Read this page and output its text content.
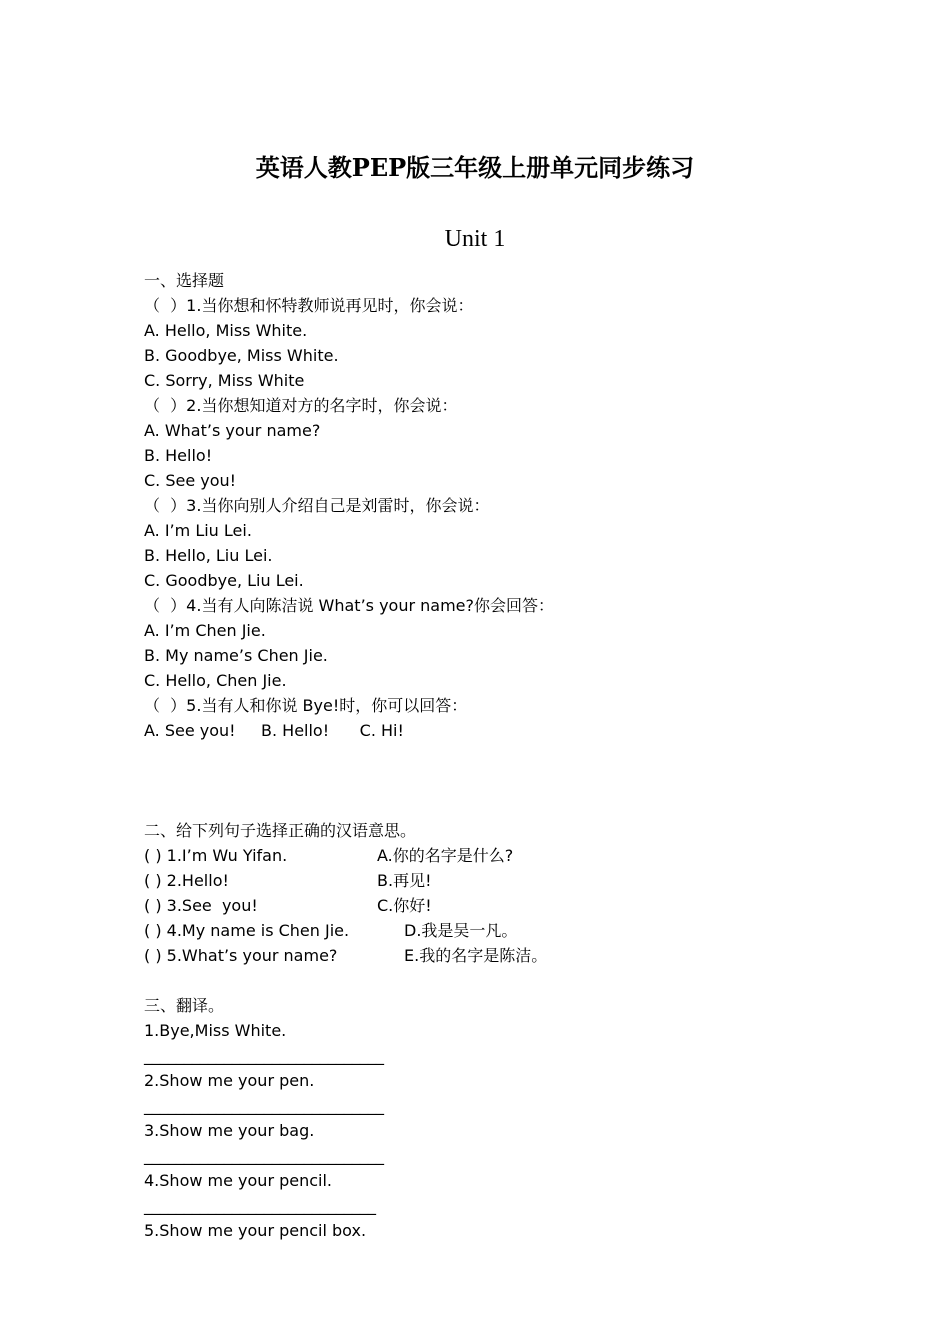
英语人教PEP版三年级上册单元同步练习
Unit 1
一、选择题
（  ）1.当你想和怀特教师说再见时，你会说：
A. Hello, Miss White.
B. Goodbye, Miss White.
C. Sorry, Miss White
（  ）2.当你想知道对方的名字时，你会说：
A. What’s your name?
B. Hello!
C. See you!
（  ）3.当你向别人介绍自己是刘雷时，你会说：
A. I’m Liu Lei.
B. Hello, Liu Lei.
C. Goodbye, Liu Lei.
（  ）4.当有人向陈洁说 What’s your name?你会回答：
A. I’m Chen Jie.
B. My name’s Chen Jie.
C. Hello, Chen Jie.
（  ）5.当有人和你说 Bye!时，你可以回答：
A. See you!     B. Hello!      C. Hi!
二、给下列句子选择正确的汉语意思。
( ) 1.I’m Wu Yifan.	A.你的名字是什么?
( ) 2.Hello!	B.再见!
( ) 3.See  you!	C.你好!
( ) 4.My name is Chen Jie.	D.我是吴一凡。
( ) 5.What’s your name?	E.我的名字是陈洁。
三、翻译。
1.Bye,Miss White.
______________________________
2.Show me your pen.
______________________________
3.Show me your bag.
______________________________
4.Show me your pencil.
_____________________________
5.Show me your pencil box.
